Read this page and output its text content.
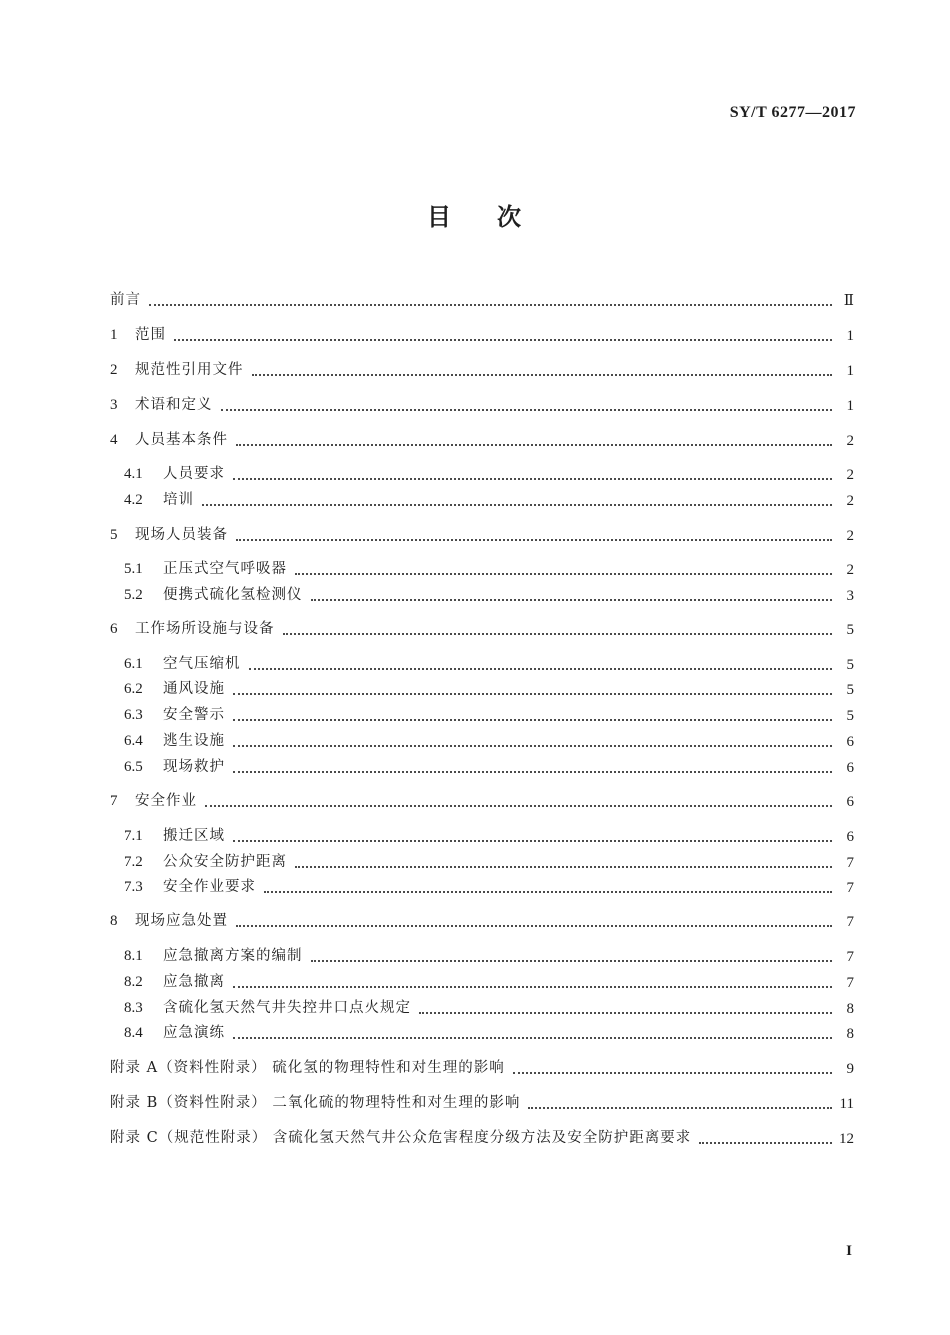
SY/T 6277—2017
目 次
前言	Ⅱ
1 范围	1
2 规范性引用文件	1
3 术语和定义	1
4 人员基本条件	2
4.1 人员要求	2
4.2 培训	2
5 现场人员装备	2
5.1 正压式空气呼吸器	2
5.2 便携式硫化氢检测仪	3
6 工作场所设施与设备	5
6.1 空气压缩机	5
6.2 通风设施	5
6.3 安全警示	5
6.4 逃生设施	6
6.5 现场救护	6
7 安全作业	6
7.1 搬迁区域	6
7.2 公众安全防护距离	7
7.3 安全作业要求	7
8 现场应急处置	7
8.1 应急撤离方案的编制	7
8.2 应急撤离	7
8.3 含硫化氢天然气井失控井口点火规定	8
8.4 应急演练	8
附录 A（资料性附录） 硫化氢的物理特性和对生理的影响	9
附录 B（资料性附录） 二氧化硫的物理特性和对生理的影响	11
附录 C（规范性附录） 含硫化氢天然气井公众危害程度分级方法及安全防护距离要求	12
I
